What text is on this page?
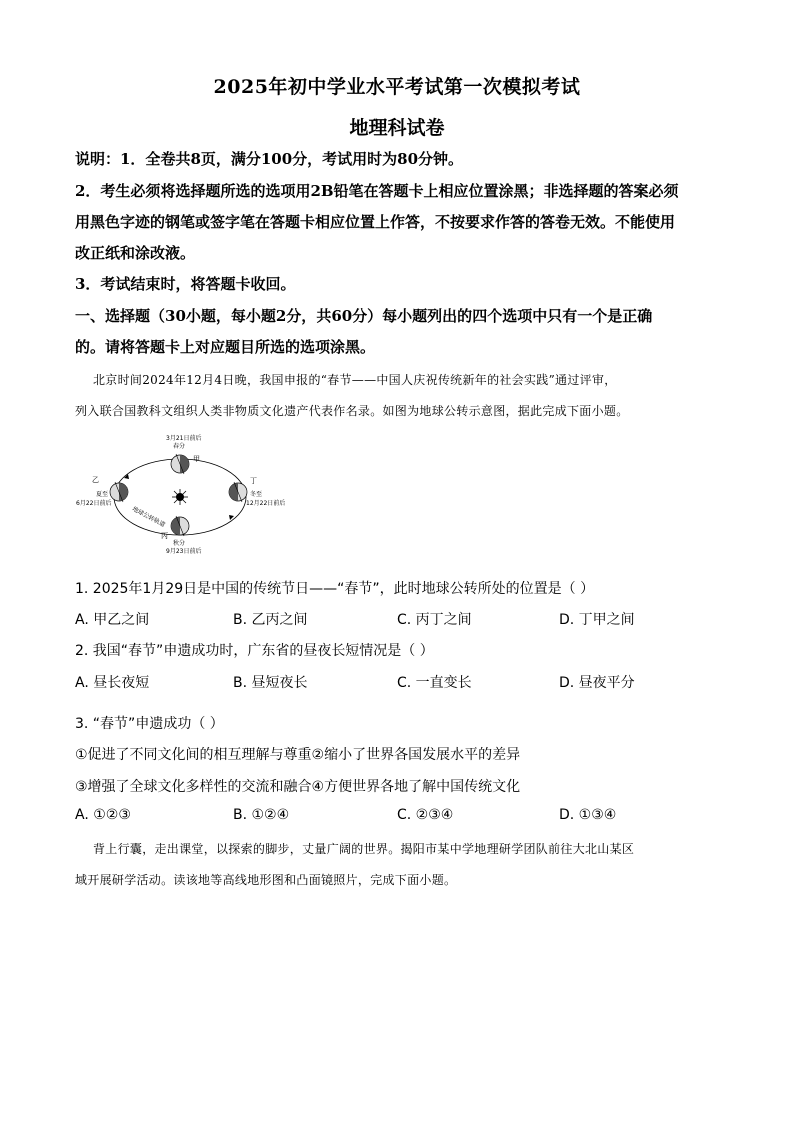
2025年初中学业水平考试第一次模拟考试
地理科试卷
说明：1．全卷共8页，满分100分，考试用时为80分钟。
2．考生必须将选择题所选的选项用2B铅笔在答题卡上相应位置涂黑；非选择题的答案必须
用黑色字迹的钢笔或签字笔在答题卡相应位置上作答，不按要求作答的答卷无效。不能使用
改正纸和涂改液。
3．考试结束时，将答题卡收回。
一、选择题（30小题，每小题2分，共60分）每小题列出的四个选项中只有一个是正确
的。请将答题卡上对应题目所选的选项涂黑。
北京时间2024年12月4日晚，我国申报的“春节——中国人庆祝传统新年的社会实践”通过评审，
列入联合国教科文组织人类非物质文化遗产代表作名录。如图为地球公转示意图，据此完成下面小题。
3月21日前后
春分
甲
乙
夏至
6月22日前后
丁
冬至
12月22日前后
丙
秋分
9月23日前后
地球公转轨道
1. 2025年1月29日是中国的传统节日——“春节”，此时地球公转所处的位置是（ ）
A. 甲乙之间	B. 乙丙之间	C. 丙丁之间	D. 丁甲之间
2. 我国“春节”申遗成功时，广东省的昼夜长短情况是（ ）
A. 昼长夜短	B. 昼短夜长	C. 一直变长	D. 昼夜平分
3. “春节”申遗成功（ ）
①促进了不同文化间的相互理解与尊重②缩小了世界各国发展水平的差异
③增强了全球文化多样性的交流和融合④方便世界各地了解中国传统文化
A. ①②③	B. ①②④	C. ②③④	D. ①③④
背上行囊，走出课堂，以探索的脚步，丈量广阔的世界。揭阳市某中学地理研学团队前往大北山某区
域开展研学活动。读该地等高线地形图和凸面镜照片，完成下面小题。
